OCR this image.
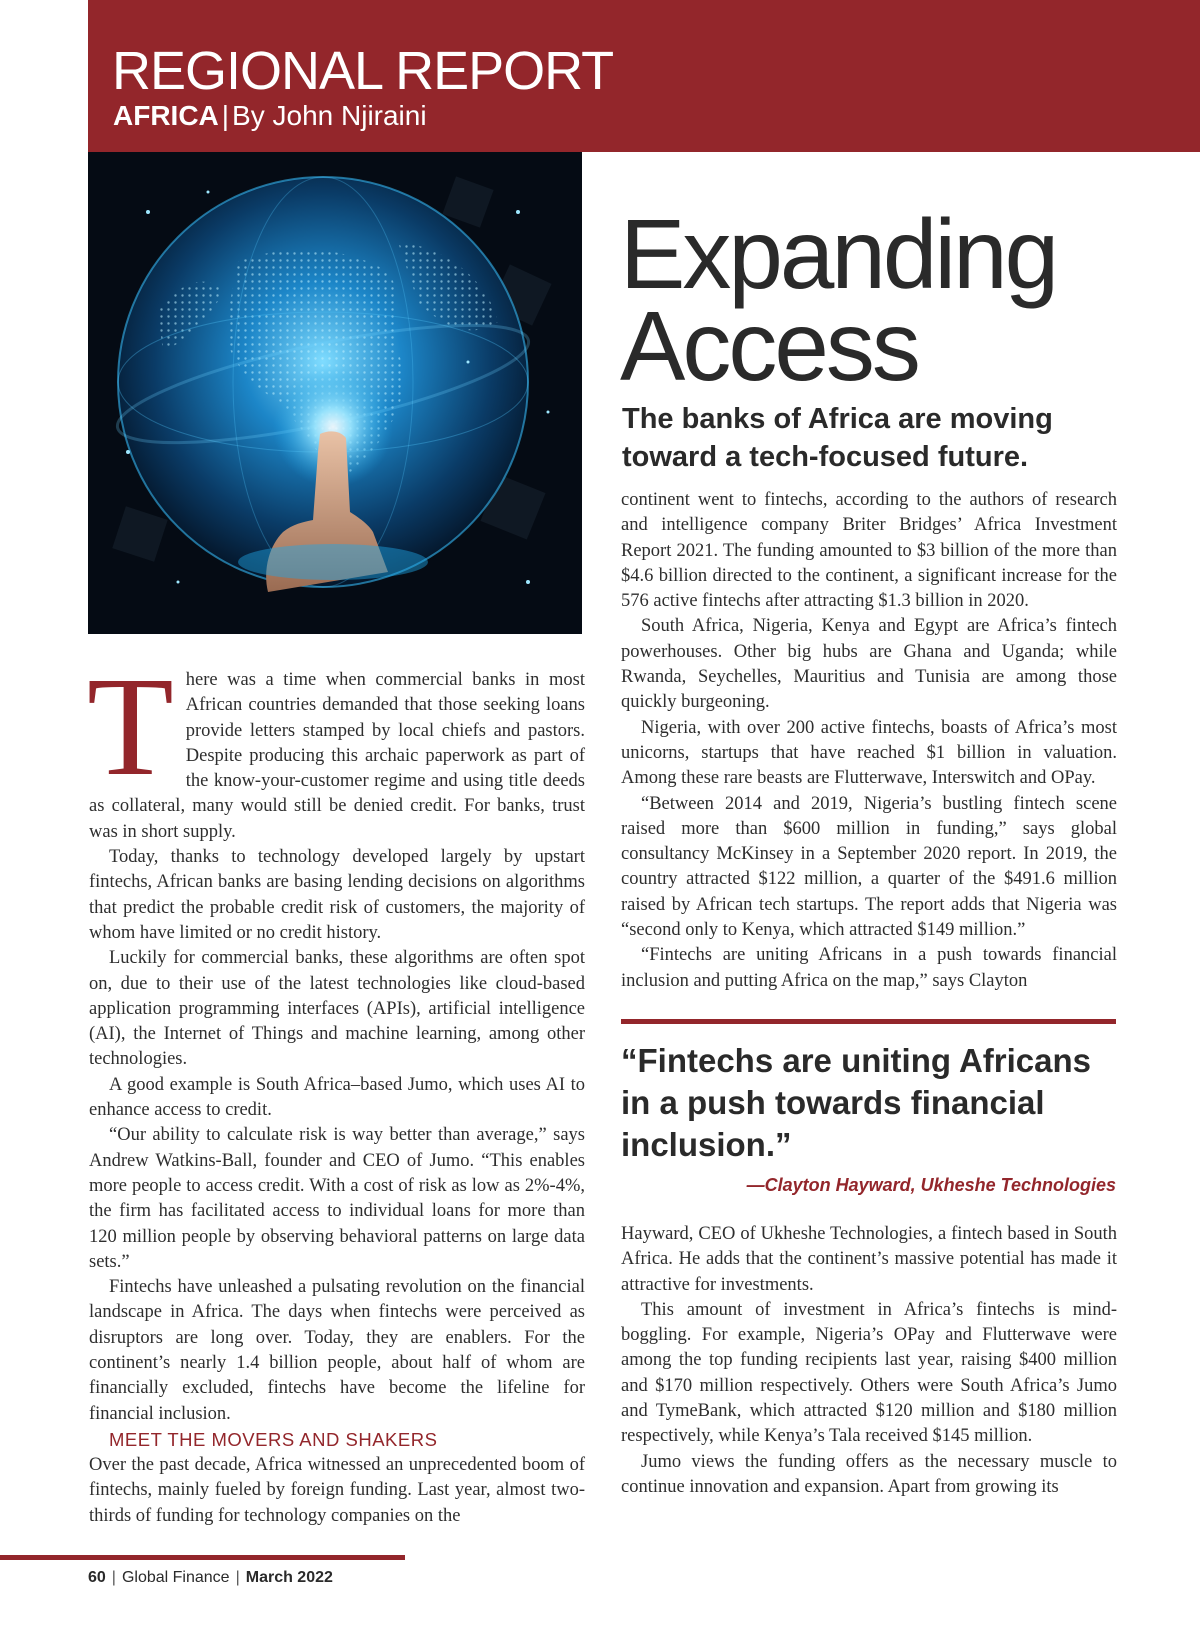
REGIONAL REPORT

AFRICA | By John Njiraini

Expanding
Access

The banks of Africa are moving toward a tech-focused future.

There was a time when commercial banks in most African countries demanded that those seeking loans provide letters stamped by local chiefs and pastors. Despite producing this archaic paperwork as part of the know-your-customer regime and using title deeds as collateral, many would still be denied credit. For banks, trust was in short supply.

Today, thanks to technology developed largely by upstart fintechs, African banks are basing lending decisions on algorithms that predict the probable credit risk of customers, the majority of whom have limited or no credit history.

Luckily for commercial banks, these algorithms are often spot on, due to their use of the latest technologies like cloud-based application programming interfaces (APIs), artificial intelligence (AI), the Internet of Things and machine learning, among other technologies.

A good example is South Africa–based Jumo, which uses AI to enhance access to credit.

“Our ability to calculate risk is way better than average,” says Andrew Watkins-Ball, founder and CEO of Jumo. “This enables more people to access credit. With a cost of risk as low as 2%-4%, the firm has facilitated access to individual loans for more than 120 million people by observing behavioral patterns on large data sets.”

Fintechs have unleashed a pulsating revolution on the financial landscape in Africa. The days when fintechs were perceived as disruptors are long over. Today, they are enablers. For the continent’s nearly 1.4 billion people, about half of whom are financially excluded, fintechs have become the lifeline for financial inclusion.

MEET THE MOVERS AND SHAKERS

Over the past decade, Africa witnessed an unprecedented boom of fintechs, mainly fueled by foreign funding. Last year, almost two-thirds of funding for technology companies on the

continent went to fintechs, according to the authors of research and intelligence company Briter Bridges’ Africa Investment Report 2021. The funding amounted to $3 billion of the more than $4.6 billion directed to the continent, a significant increase for the 576 active fintechs after attracting $1.3 billion in 2020.

South Africa, Nigeria, Kenya and Egypt are Africa’s fintech powerhouses. Other big hubs are Ghana and Uganda; while Rwanda, Seychelles, Mauritius and Tunisia are among those quickly burgeoning.

Nigeria, with over 200 active fintechs, boasts of Africa’s most unicorns, startups that have reached $1 billion in valuation. Among these rare beasts are Flutterwave, Interswitch and OPay.

“Between 2014 and 2019, Nigeria’s bustling fintech scene raised more than $600 million in funding,” says global consultancy McKinsey in a September 2020 report. In 2019, the country attracted $122 million, a quarter of the $491.6 million raised by African tech startups. The report adds that Nigeria was “second only to Kenya, which attracted $149 million.”

“Fintechs are uniting Africans in a push towards financial inclusion and putting Africa on the map,” says Clayton

“Fintechs are uniting Africans in a push towards financial inclusion.”

—Clayton Hayward, Ukheshe Technologies

Hayward, CEO of Ukheshe Technologies, a fintech based in South Africa. He adds that the continent’s massive potential has made it attractive for investments.

This amount of investment in Africa’s fintechs is mind-boggling. For example, Nigeria’s OPay and Flutterwave were among the top funding recipients last year, raising $400 million and $170 million respectively. Others were South Africa’s Jumo and TymeBank, which attracted $120 million and $180 million respectively, while Kenya’s Tala received $145 million.

Jumo views the funding offers as the necessary muscle to continue innovation and expansion. Apart from growing its

60 | Global Finance | March 2022
